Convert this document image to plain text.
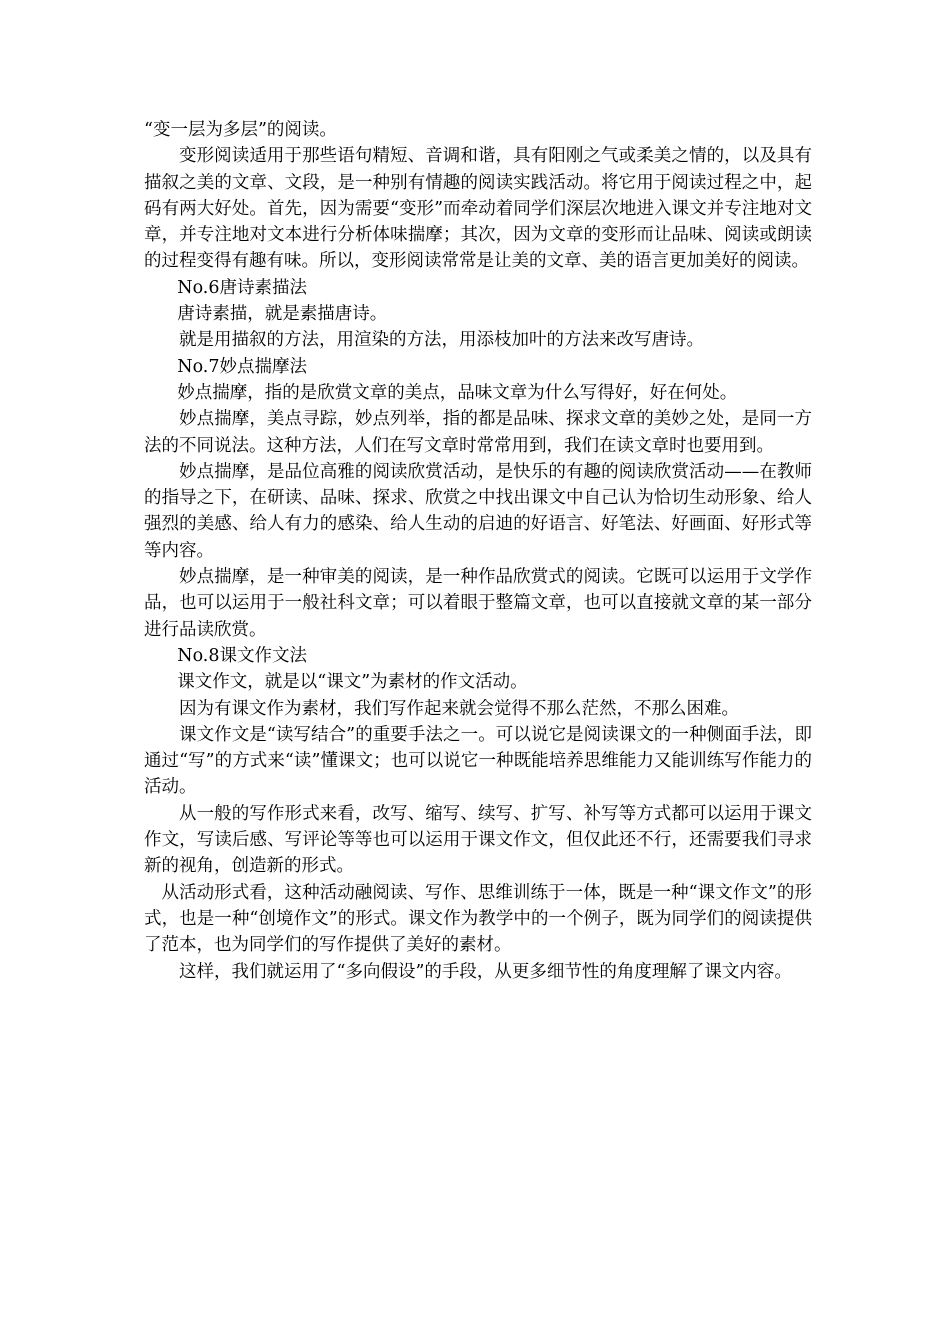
“变一层为多层”的阅读。

变形阅读适用于那些语句精短、音调和谐，具有阳刚之气或柔美之情的，以及具有描叙之美的文章、文段，是一种别有情趣的阅读实践活动。将它用于阅读过程之中，起码有两大好处。首先，因为需要“变形”而牵动着同学们深层次地进入课文并专注地对文章，并专注地对文本进行分析体味揣摩；其次，因为文章的变形而让品味、阅读或朗读的过程变得有趣有味。所以，变形阅读常常是让美的文章、美的语言更加美好的阅读。

No.6唐诗素描法

唐诗素描，就是素描唐诗。

就是用描叙的方法，用渲染的方法，用添枝加叶的方法来改写唐诗。

No.7妙点揣摩法

妙点揣摩，指的是欣赏文章的美点，品味文章为什么写得好，好在何处。

妙点揣摩，美点寻踪，妙点列举，指的都是品味、探求文章的美妙之处，是同一方法的不同说法。这种方法，人们在写文章时常常用到，我们在读文章时也要用到。

妙点揣摩，是品位高雅的阅读欣赏活动，是快乐的有趣的阅读欣赏活动——在教师的指导之下，在研读、品味、探求、欣赏之中找出课文中自己认为恰切生动形象、给人强烈的美感、给人有力的感染、给人生动的启迪的好语言、好笔法、好画面、好形式等等内容。

妙点揣摩，是一种审美的阅读，是一种作品欣赏式的阅读。它既可以运用于文学作品，也可以运用于一般社科文章；可以着眼于整篇文章，也可以直接就文章的某一部分进行品读欣赏。

No.8课文作文法

课文作文，就是以“课文”为素材的作文活动。

因为有课文作为素材，我们写作起来就会觉得不那么茫然，不那么困难。

课文作文是“读写结合”的重要手法之一。可以说它是阅读课文的一种侧面手法，即通过“写”的方式来“读”懂课文；也可以说它一种既能培养思维能力又能训练写作能力的活动。

从一般的写作形式来看，改写、缩写、续写、扩写、补写等方式都可以运用于课文作文，写读后感、写评论等等也可以运用于课文作文，但仅此还不行，还需要我们寻求新的视角，创造新的形式。

从活动形式看，这种活动融阅读、写作、思维训练于一体，既是一种“课文作文”的形式，也是一种“创境作文”的形式。课文作为教学中的一个例子，既为同学们的阅读提供了范本，也为同学们的写作提供了美好的素材。

这样，我们就运用了“多向假设”的手段，从更多细节性的角度理解了课文内容。
